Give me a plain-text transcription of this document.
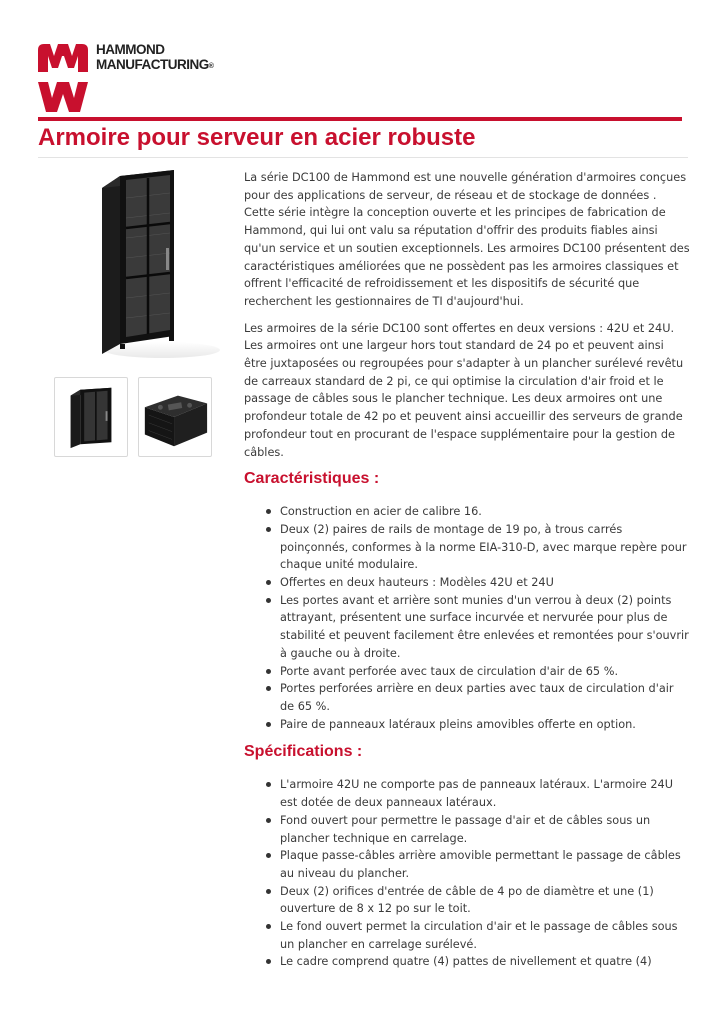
HAMMOND
MANUFACTURING®
Armoire pour serveur en acier robuste

La série DC100 de Hammond est une nouvelle génération d'armoires conçues pour des applications de serveur, de réseau et de stockage de données . Cette série intègre la conception ouverte et les principes de fabrication de Hammond, qui lui ont valu sa réputation d'offrir des produits fiables ainsi qu'un service et un soutien exceptionnels. Les armoires DC100 présentent des caractéristiques améliorées que ne possèdent pas les armoires classiques et offrent l'efficacité de refroidissement et les dispositifs de sécurité que recherchent les gestionnaires de TI d'aujourd'hui.

Les armoires de la série DC100 sont offertes en deux versions : 42U et 24U. Les armoires ont une largeur hors tout standard de 24 po et peuvent ainsi être juxtaposées ou regroupées pour s'adapter à un plancher surélevé revêtu de carreaux standard de 2 pi, ce qui optimise la circulation d'air froid et le passage de câbles sous le plancher technique. Les deux armoires ont une profondeur totale de 42 po et peuvent ainsi accueillir des serveurs de grande profondeur tout en procurant de l'espace supplémentaire pour la gestion de câbles.

Caractéristiques :
Construction en acier de calibre 16.
Deux (2) paires de rails de montage de 19 po, à trous carrés poinçonnés, conformes à la norme EIA-310-D, avec marque repère pour chaque unité modulaire.
Offertes en deux hauteurs : Modèles 42U et 24U
Les portes avant et arrière sont munies d'un verrou à deux (2) points attrayant, présentent une surface incurvée et nervurée pour plus de stabilité et peuvent facilement être enlevées et remontées pour s'ouvrir à gauche ou à droite.
Porte avant perforée avec taux de circulation d'air de 65 %.
Portes perforées arrière en deux parties avec taux de circulation d'air de 65 %.
Paire de panneaux latéraux pleins amovibles offerte en option.
Spécifications :
L'armoire 42U ne comporte pas de panneaux latéraux. L'armoire 24U est dotée de deux panneaux latéraux.
Fond ouvert pour permettre le passage d'air et de câbles sous un plancher technique en carrelage.
Plaque passe-câbles arrière amovible permettant le passage de câbles au niveau du plancher.
Deux (2) orifices d'entrée de câble de 4 po de diamètre et une (1) ouverture de 8 x 12 po sur le toit.
Le fond ouvert permet la circulation d'air et le passage de câbles sous un plancher en carrelage surélevé.
Le cadre comprend quatre (4) pattes de nivellement et quatre (4)
